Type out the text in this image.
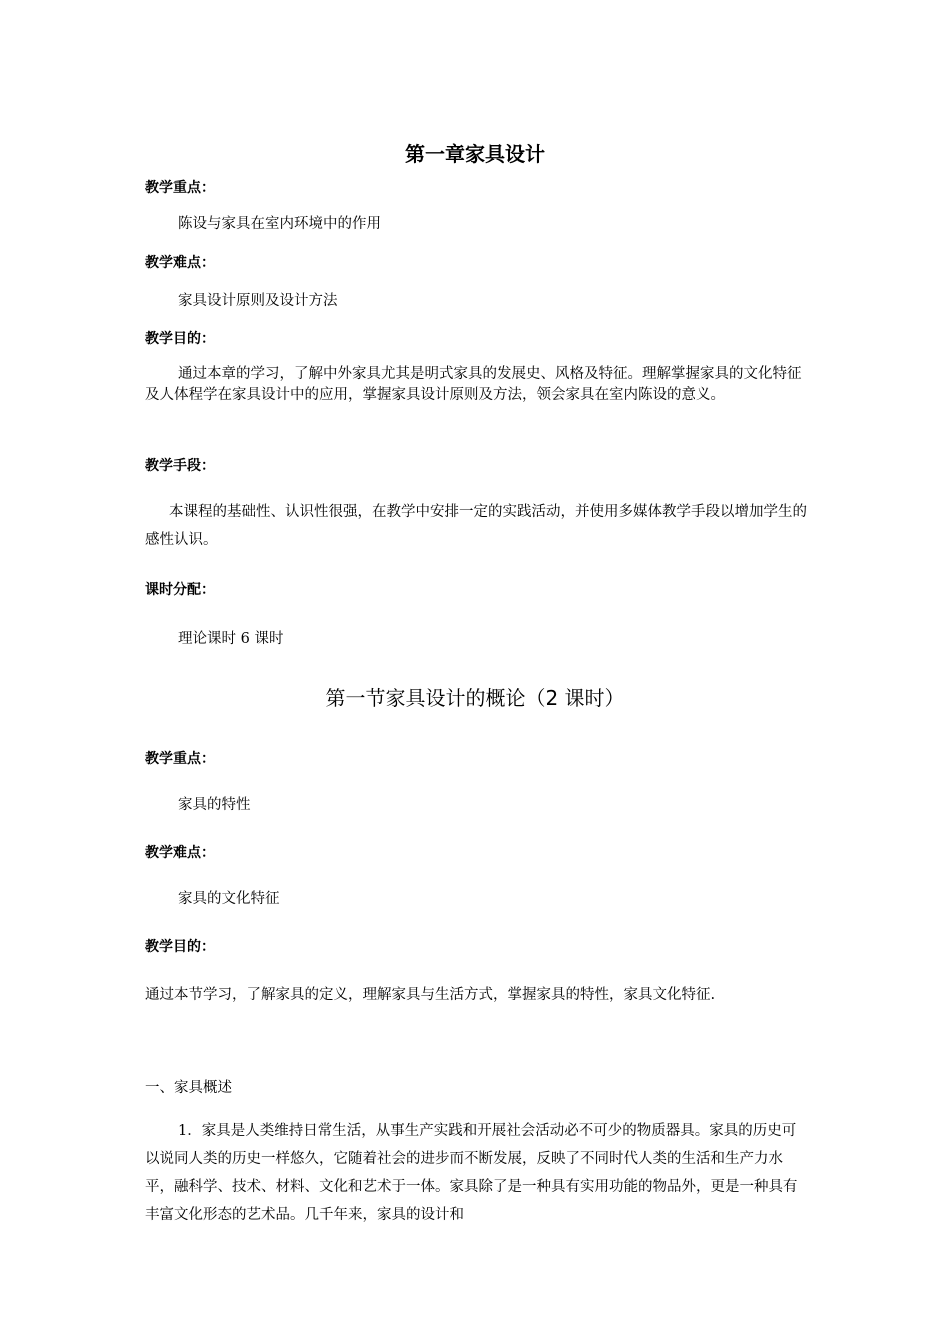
第一章家具设计

教学重点：

陈设与家具在室内环境中的作用

教学难点：

家具设计原则及设计方法

教学目的：

通过本章的学习，了解中外家具尤其是明式家具的发展史、风格及特征。理解掌握家具的文化特征及人体程学在家具设计中的应用，掌握家具设计原则及方法，领会家具在室内陈设的意义。

教学手段：

本课程的基础性、认识性很强，在教学中安排一定的实践活动，并使用多媒体教学手段以增加学生的感性认识。

课时分配：

理论课时 6 课时

第一节家具设计的概论（2 课时）

教学重点：

家具的特性

教学难点：

家具的文化特征

教学目的：

通过本节学习，了解家具的定义，理解家具与生活方式，掌握家具的特性，家具文化特征.

一、家具概述

1．家具是人类维持日常生活，从事生产实践和开展社会活动必不可少的物质器具。家具的历史可以说同人类的历史一样悠久，它随着社会的进步而不断发展，反映了不同时代人类的生活和生产力水平，融科学、技术、材料、文化和艺术于一体。家具除了是一种具有实用功能的物品外，更是一种具有丰富文化形态的艺术品。几千年来，家具的设计和
